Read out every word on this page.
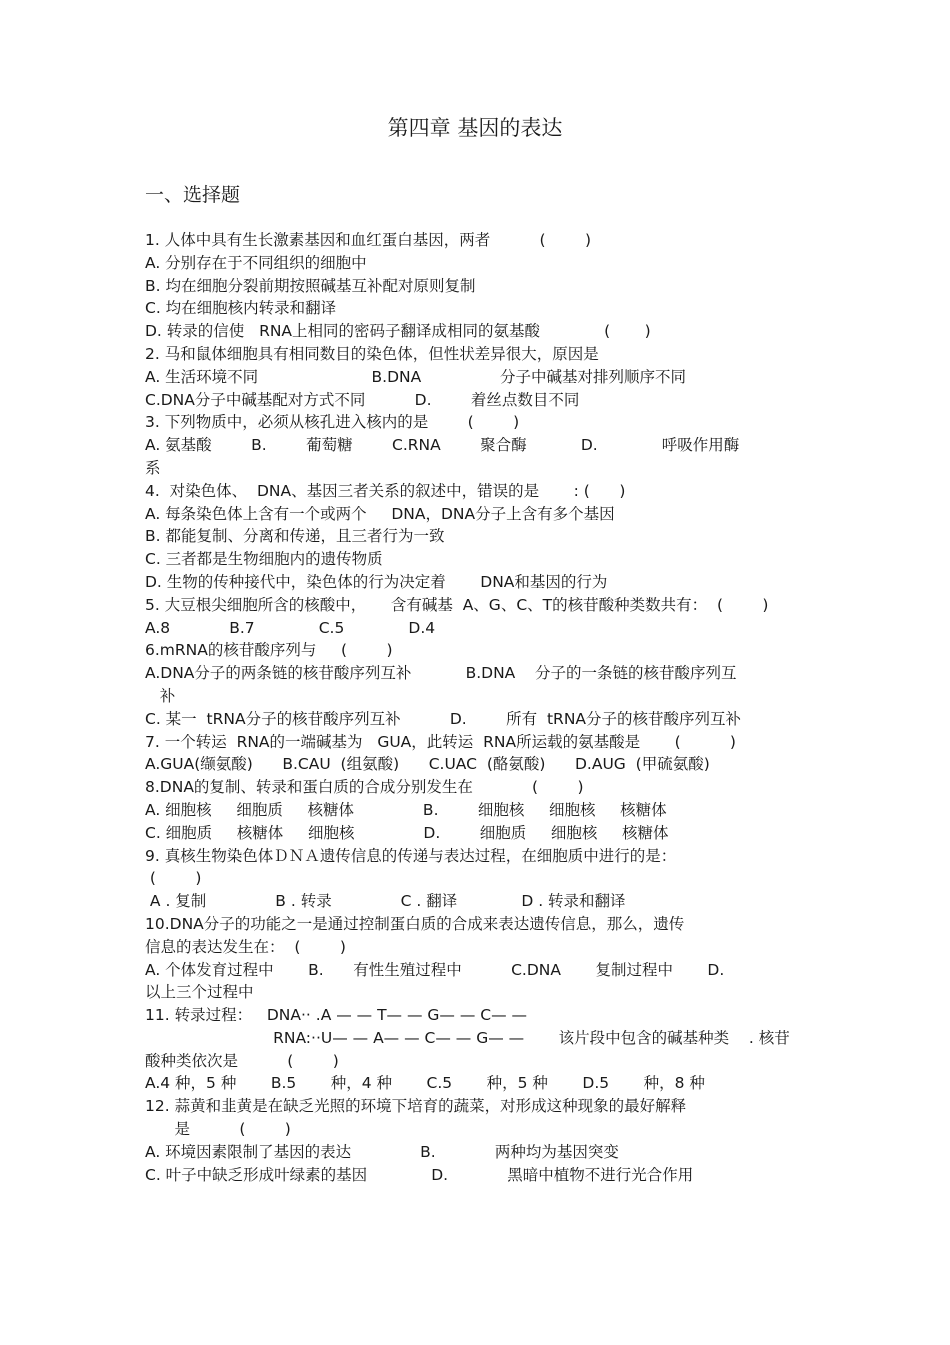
第四章 基因的表达
一、选择题
1. 人体中具有生长激素基因和血红蛋白基因，两者          (        )
A. 分别存在于不同组织的细胞中
B. 均在细胞分裂前期按照碱基互补配对原则复制
C. 均在细胞核内转录和翻译
D. 转录的信使   RNA上相同的密码子翻译成相同的氨基酸             (       )
2. 马和鼠体细胞具有相同数目的染色体，但性状差异很大，原因是
A. 生活环境不同                       B.DNA                分子中碱基对排列顺序不同
C.DNA分子中碱基配对方式不同          D.        着丝点数目不同
3. 下列物质中，必须从核孔进入核内的是        (        )
A. 氨基酸        B.        葡萄糖        C.RNA        聚合酶           D.             呼吸作用酶
系
4.  对染色体、  DNA、基因三者关系的叙述中，错误的是       : (      )
A. 每条染色体上含有一个或两个     DNA，DNA分子上含有多个基因
B. 都能复制、分离和传递，且三者行为一致
C. 三者都是生物细胞内的遗传物质
D. 生物的传种接代中，染色体的行为决定着       DNA和基因的行为
5. 大豆根尖细胞所含的核酸中，     含有碱基  A、G、C、T的核苷酸种类数共有：  (        )
A.8            B.7             C.5             D.4
6.mRNA的核苷酸序列与     (        )
A.DNA分子的两条链的核苷酸序列互补           B.DNA    分子的一条链的核苷酸序列互
补
C. 某一  tRNA分子的核苷酸序列互补          D.        所有  tRNA分子的核苷酸序列互补
7. 一个转运  RNA的一端碱基为   GUA，此转运  RNA所运载的氨基酸是       (          )
A.GUA(缬氨酸)      B.CAU  (组氨酸)      C.UAC  (酪氨酸)      D.AUG  (甲硫氨酸)
8.DNA的复制、转录和蛋白质的合成分别发生在            (        )
A. 细胞核     细胞质     核糖体              B.        细胞核     细胞核     核糖体
C. 细胞质     核糖体     细胞核              D.        细胞质     细胞核     核糖体
9. 真核生物染色体ＤＮＡ遗传信息的传递与表达过程，在细胞质中进行的是：
(        )
A . 复制              B . 转录              C . 翻译             D . 转录和翻译
10.DNA分子的功能之一是通过控制蛋白质的合成来表达遗传信息，那么，遗传
信息的表达发生在：  (        )
A. 个体发育过程中       B.      有性生殖过程中          C.DNA       复制过程中       D.
以上三个过程中
11. 转录过程：   DNA·· .A — — T— — G— — C— —
RNA:··U— — A— — C— — G— —       该片段中包含的碱基种类    . 核苷
酸种类依次是          (        )
A.4 种，5 种       B.5       种，4 种       C.5       种，5 种       D.5       种，8 种
12. 蒜黄和韭黄是在缺乏光照的环境下培育的蔬菜，对形成这种现象的最好解释
是          (        )
A. 环境因素限制了基因的表达              B.            两种均为基因突变
C. 叶子中缺乏形成叶绿素的基因             D.            黑暗中植物不进行光合作用
